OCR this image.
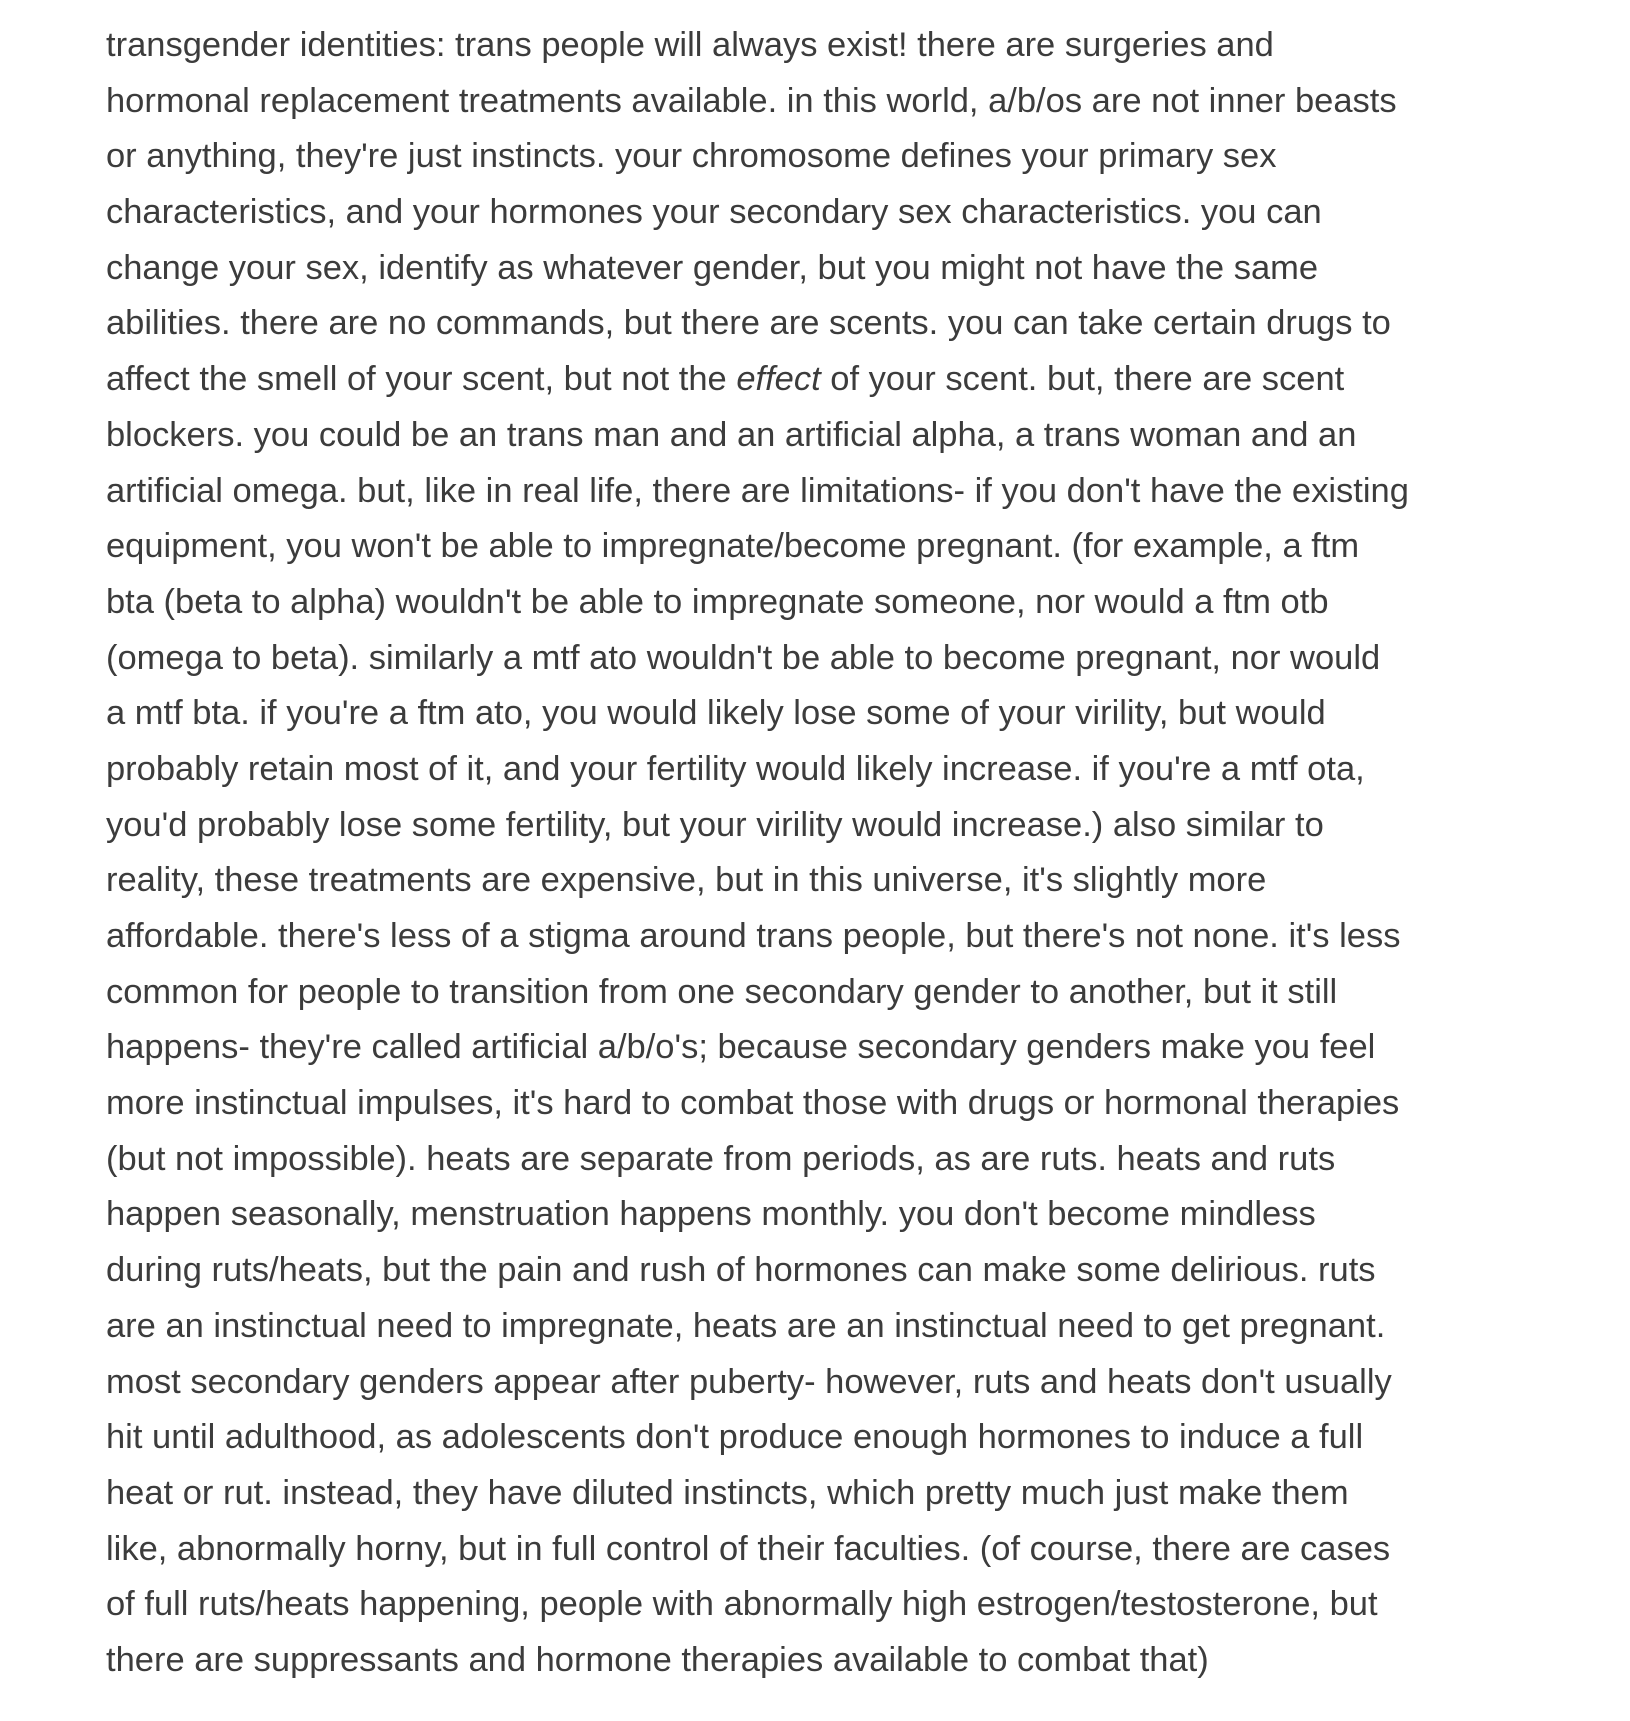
transgender identities: trans people will always exist! there are surgeries and
hormonal replacement treatments available. in this world, a/b/os are not inner beasts
or anything, they're just instincts. your chromosome defines your primary sex
characteristics, and your hormones your secondary sex characteristics. you can
change your sex, identify as whatever gender, but you might not have the same
abilities. there are no commands, but there are scents. you can take certain drugs to
affect the smell of your scent, but not the effect of your scent. but, there are scent
blockers. you could be an trans man and an artificial alpha, a trans woman and an
artificial omega. but, like in real life, there are limitations- if you don't have the existing
equipment, you won't be able to impregnate/become pregnant. (for example, a ftm
bta (beta to alpha) wouldn't be able to impregnate someone, nor would a ftm otb
(omega to beta). similarly a mtf ato wouldn't be able to become pregnant, nor would
a mtf bta. if you're a ftm ato, you would likely lose some of your virility, but would
probably retain most of it, and your fertility would likely increase. if you're a mtf ota,
you'd probably lose some fertility, but your virility would increase.) also similar to
reality, these treatments are expensive, but in this universe, it's slightly more
affordable. there's less of a stigma around trans people, but there's not none. it's less
common for people to transition from one secondary gender to another, but it still
happens- they're called artificial a/b/o's; because secondary genders make you feel
more instinctual impulses, it's hard to combat those with drugs or hormonal therapies
(but not impossible). heats are separate from periods, as are ruts. heats and ruts
happen seasonally, menstruation happens monthly. you don't become mindless
during ruts/heats, but the pain and rush of hormones can make some delirious. ruts
are an instinctual need to impregnate, heats are an instinctual need to get pregnant.
most secondary genders appear after puberty- however, ruts and heats don't usually
hit until adulthood, as adolescents don't produce enough hormones to induce a full
heat or rut. instead, they have diluted instincts, which pretty much just make them
like, abnormally horny, but in full control of their faculties. (of course, there are cases
of full ruts/heats happening, people with abnormally high estrogen/testosterone, but
there are suppressants and hormone therapies available to combat that)
